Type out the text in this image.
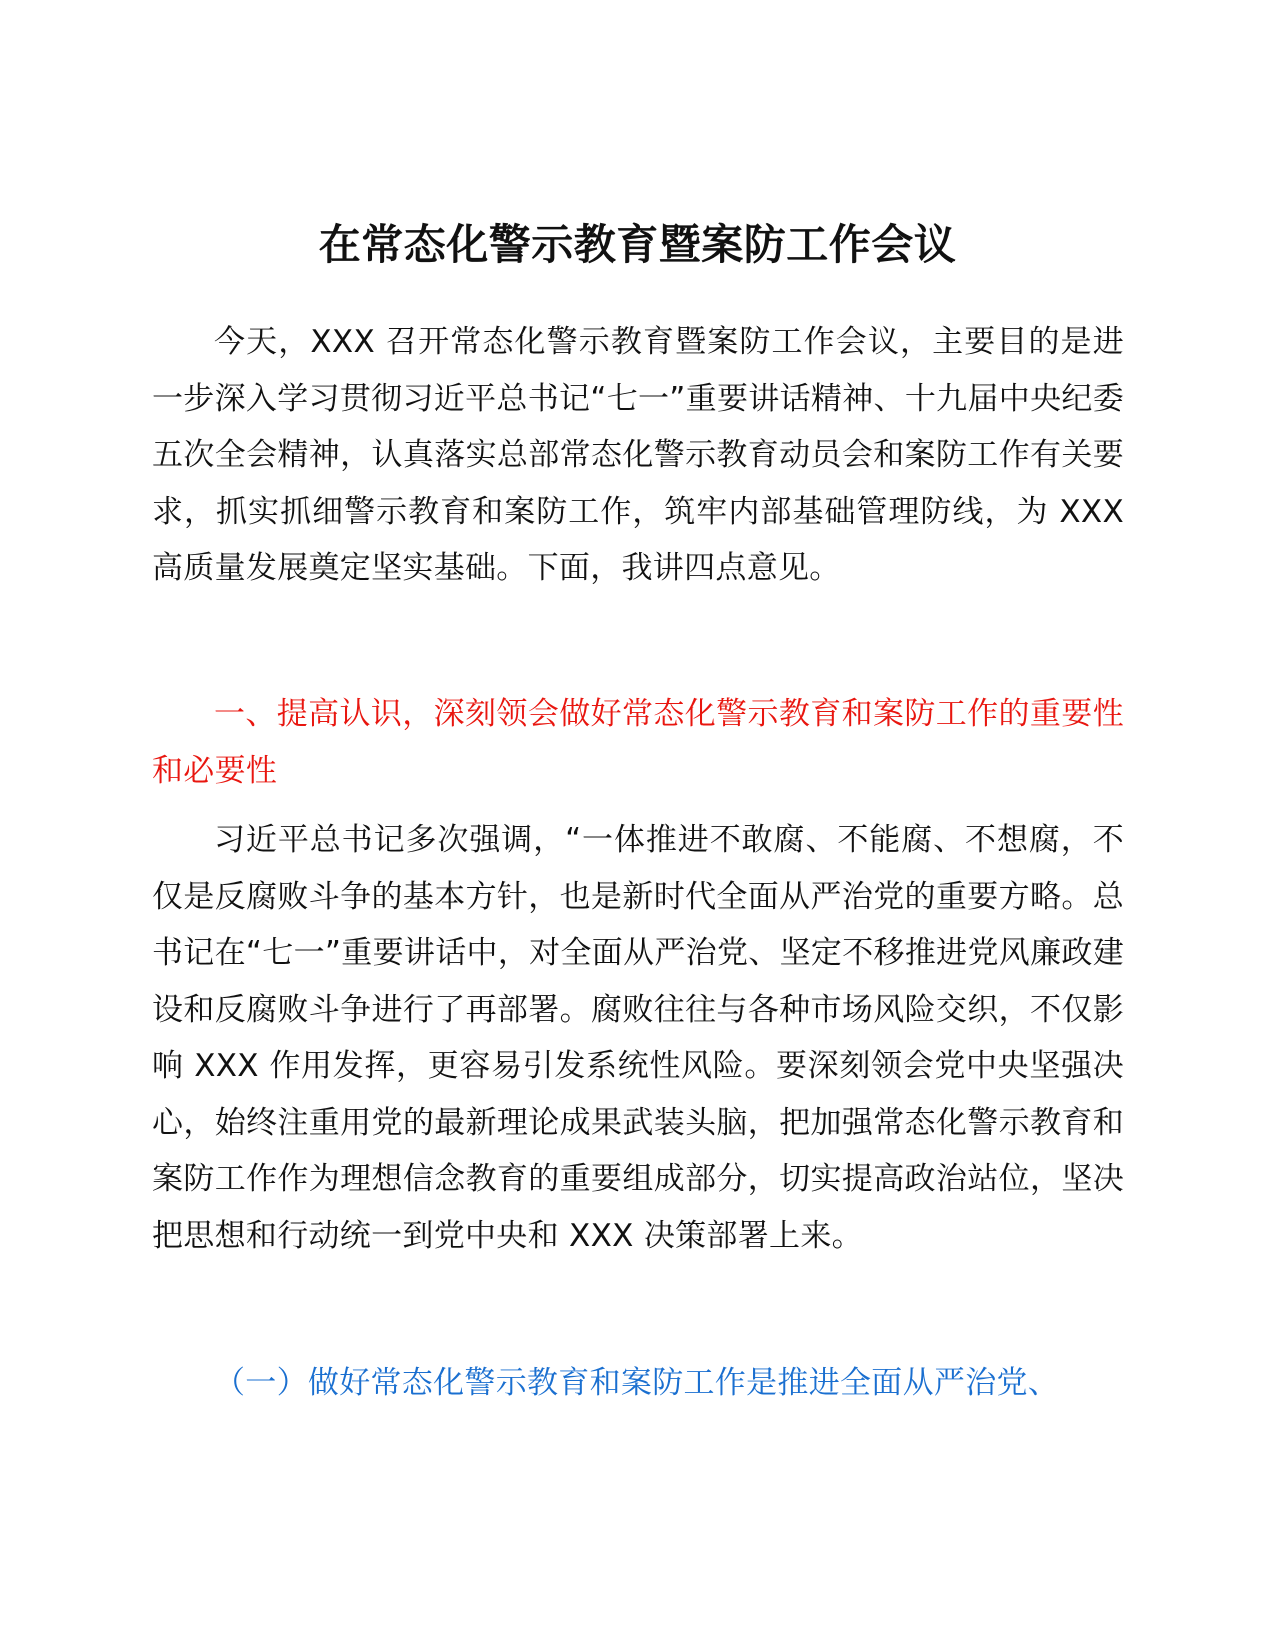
在常态化警示教育暨案防工作会议

今天，XXX 召开常态化警示教育暨案防工作会议，主要目的是进一步深入学习贯彻习近平总书记“七一”重要讲话精神、十九届中央纪委五次全会精神，认真落实总部常态化警示教育动员会和案防工作有关要求，抓实抓细警示教育和案防工作，筑牢内部基础管理防线，为 XXX 高质量发展奠定坚实基础。下面，我讲四点意见。

一、提高认识，深刻领会做好常态化警示教育和案防工作的重要性和必要性

习近平总书记多次强调，“一体推进不敢腐、不能腐、不想腐，不仅是反腐败斗争的基本方针，也是新时代全面从严治党的重要方略。总书记在“七一”重要讲话中，对全面从严治党、坚定不移推进党风廉政建设和反腐败斗争进行了再部署。腐败往往与各种市场风险交织，不仅影响 XXX 作用发挥，更容易引发系统性风险。要深刻领会党中央坚强决心，始终注重用党的最新理论成果武装头脑，把加强常态化警示教育和案防工作作为理想信念教育的重要组成部分，切实提高政治站位，坚决把思想和行动统一到党中央和 XXX 决策部署上来。

（一）做好常态化警示教育和案防工作是推进全面从严治党、
